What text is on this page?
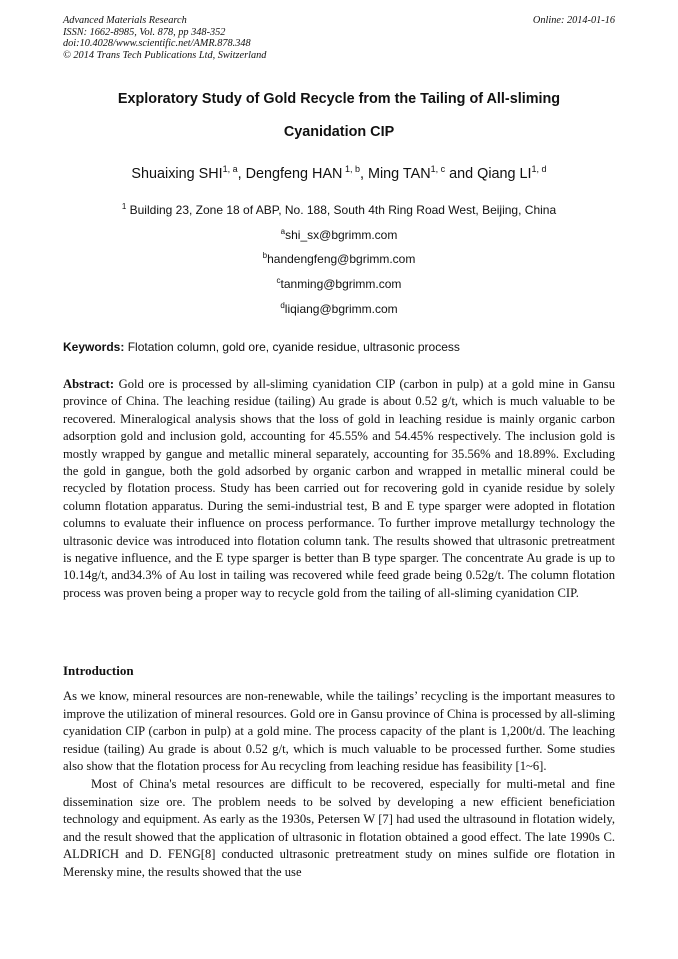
Advanced Materials Research
ISSN: 1662-8985, Vol. 878, pp 348-352
doi:10.4028/www.scientific.net/AMR.878.348
© 2014 Trans Tech Publications Ltd, Switzerland
Online: 2014-01-16
Exploratory Study of Gold Recycle from the Tailing of All-sliming
Cyanidation CIP
Shuaixing SHI$^{1, a}$, Dengfeng HAN $^{1, b}$, Ming TAN$^{1, c}$ and Qiang LI$^{1, d}$
$^1$ Building 23, Zone 18 of ABP, No. 188, South 4th Ring Road West, Beijing, China
$^a$shi_sx@bgrimm.com
$^b$handengfeng@bgrimm.com
$^c$tanming@bgrimm.com
$^d$liqiang@bgrimm.com
Keywords: Flotation column, gold ore, cyanide residue, ultrasonic process

Abstract: Gold ore is processed by all-sliming cyanidation CIP (carbon in pulp) at a gold mine in Gansu province of China. The leaching residue (tailing) Au grade is about 0.52 g/t, which is much valuable to be recovered. Mineralogical analysis shows that the loss of gold in leaching residue is mainly organic carbon adsorption gold and inclusion gold, accounting for 45.55% and 54.45% respectively. The inclusion gold is mostly wrapped by gangue and metallic mineral separately, accounting for 35.56% and 18.89%. Excluding the gold in gangue, both the gold adsorbed by organic carbon and wrapped in metallic mineral could be recycled by flotation process. Study has been carried out for recovering gold in cyanide residue by solely column flotation apparatus. During the semi-industrial test, B and E type sparger were adopted in flotation columns to evaluate their influence on process performance. To further improve metallurgy technology the ultrasonic device was introduced into flotation column tank. The results showed that ultrasonic pretreatment is negative influence, and the E type sparger is better than B type sparger. The concentrate Au grade is up to 10.14g/t, and34.3% of Au lost in tailing was recovered while feed grade being 0.52g/t. The column flotation process was proven being a proper way to recycle gold from the tailing of all-sliming cyanidation CIP.

Introduction

As we know, mineral resources are non-renewable, while the tailings’ recycling is the important measures to improve the utilization of mineral resources. Gold ore in Gansu province of China is processed by all-sliming cyanidation CIP (carbon in pulp) at a gold mine. The process capacity of the plant is 1,200t/d. The leaching residue (tailing) Au grade is about 0.52 g/t, which is much valuable to be processed further. Some studies also show that the flotation process for Au recycling from leaching residue has feasibility [1~6].

Most of China's metal resources are difficult to be recovered, especially for multi-metal and fine dissemination size ore. The problem needs to be solved by developing a new efficient beneficiation technology and equipment. As early as the 1930s, Petersen W [7] had used the ultrasound in flotation widely, and the result showed that the application of ultrasonic in flotation obtained a good effect. The late 1990s C. ALDRICH and D. FENG[8] conducted ultrasonic pretreatment study on mines sulfide ore flotation in Merensky mine, the results showed that the use
